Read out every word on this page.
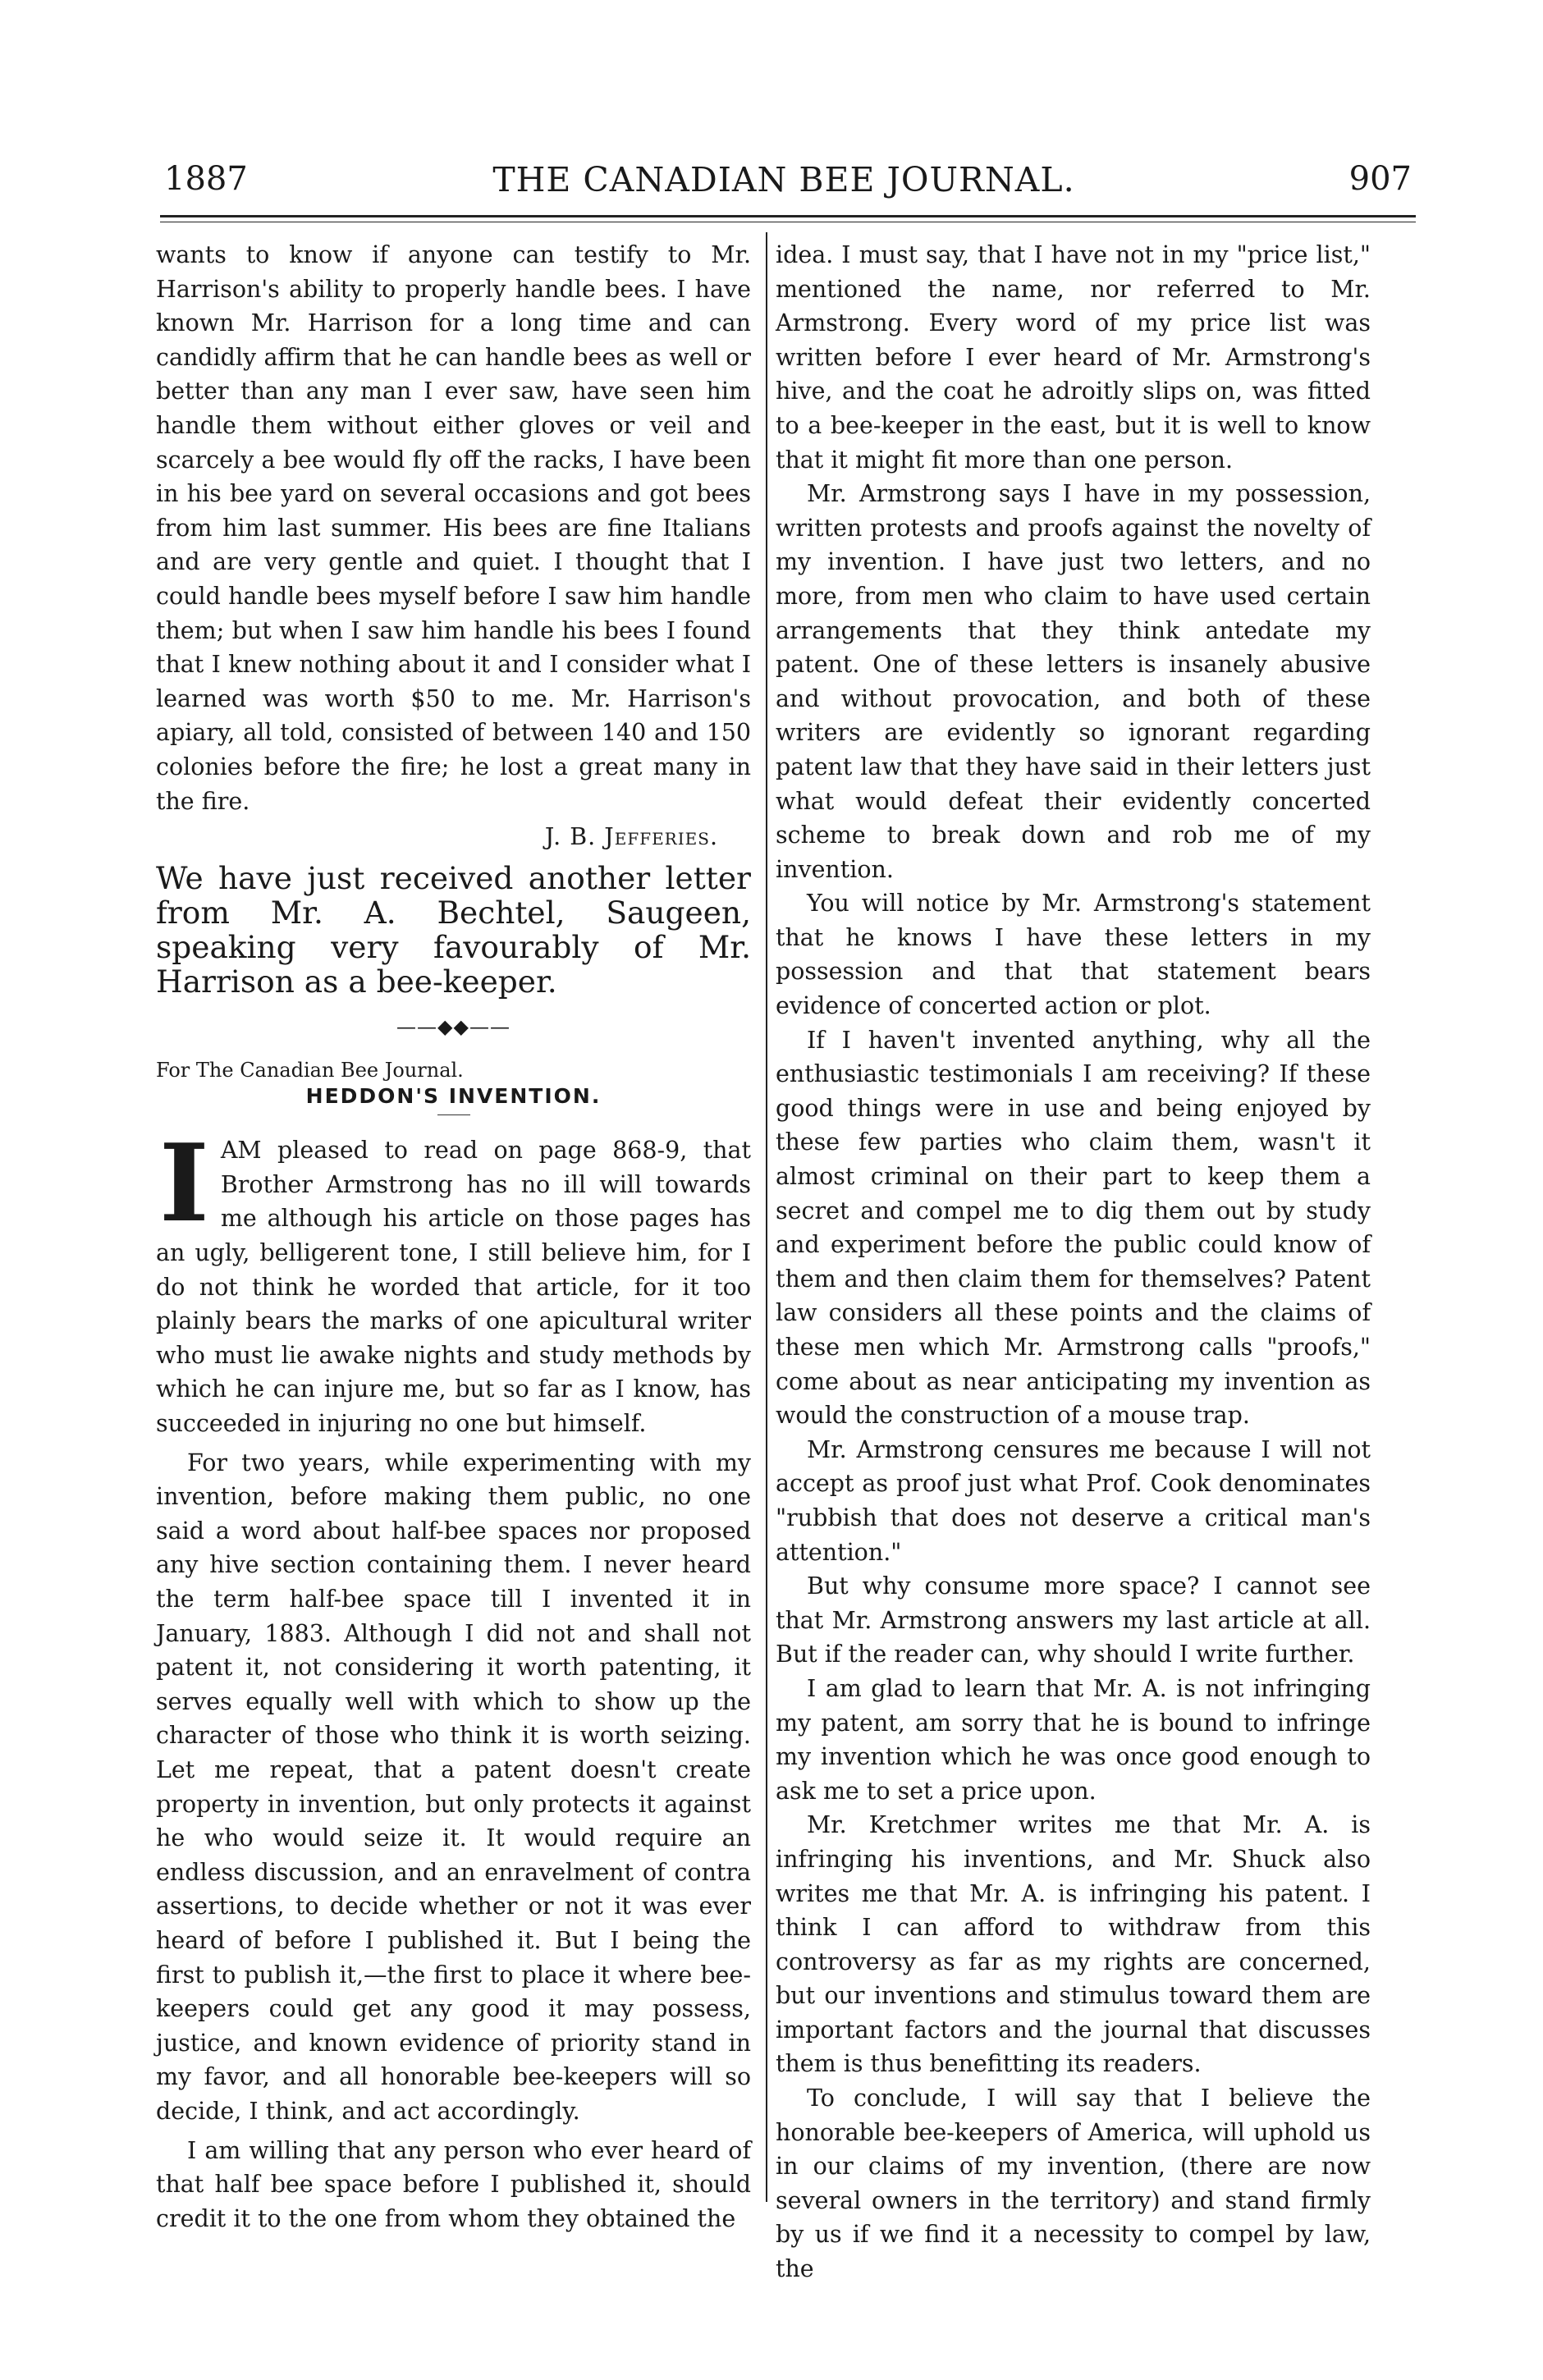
1887	THE CANADIAN BEE JOURNAL.	907

wants to know if anyone can testify to Mr. Harrison's ability to properly handle bees. I have known Mr. Harrison for a long time and can candidly affirm that he can handle bees as well or better than any man I ever saw, have seen him handle them without either gloves or veil and scarcely a bee would fly off the racks, I have been in his bee yard on several occasions and got bees from him last summer. His bees are fine Italians and are very gentle and quiet. I thought that I could handle bees myself before I saw him handle them; but when I saw him handle his bees I found that I knew nothing about it and I consider what I learned was worth $50 to me. Mr. Harrison's apiary, all told, consisted of between 140 and 150 colonies before the fire; he lost a great many in the fire.

J. B. Jefferies.

We have just received another letter from Mr. A. Bechtel, Saugeen, speaking very favourably of Mr. Harrison as a bee-keeper.

——◆◆——

For The Canadian Bee Journal.

HEDDON'S INVENTION.

IAM pleased to read on page 868-9, that Brother Armstrong has no ill will towards me although his article on those pages has an ugly, belligerent tone, I still believe him, for I do not think he worded that article, for it too plainly bears the marks of one apicultural writer who must lie awake nights and study methods by which he can injure me, but so far as I know, has succeeded in injuring no one but himself.

For two years, while experimenting with my invention, before making them public, no one said a word about half-bee spaces nor proposed any hive section containing them. I never heard the term half-bee space till I invented it in January, 1883. Although I did not and shall not patent it, not considering it worth patenting, it serves equally well with which to show up the character of those who think it is worth seizing. Let me repeat, that a patent doesn't create property in invention, but only protects it against he who would seize it. It would require an endless discussion, and an enravelment of contra assertions, to decide whether or not it was ever heard of before I published it. But I being the first to publish it,—the first to place it where bee-keepers could get any good it may possess, justice, and known evidence of priority stand in my favor, and all honorable bee-keepers will so decide, I think, and act accordingly.

I am willing that any person who ever heard of that half bee space before I published it, should credit it to the one from whom they obtained the

idea. I must say, that I have not in my "price list," mentioned the name, nor referred to Mr. Armstrong. Every word of my price list was written before I ever heard of Mr. Armstrong's hive, and the coat he adroitly slips on, was fitted to a bee-keeper in the east, but it is well to know that it might fit more than one person.

Mr. Armstrong says I have in my possession, written protests and proofs against the novelty of my invention. I have just two letters, and no more, from men who claim to have used certain arrangements that they think antedate my patent. One of these letters is insanely abusive and without provocation, and both of these writers are evidently so ignorant regarding patent law that they have said in their letters just what would defeat their evidently concerted scheme to break down and rob me of my invention.

You will notice by Mr. Armstrong's statement that he knows I have these letters in my possession and that that statement bears evidence of concerted action or plot.

If I haven't invented anything, why all the enthusiastic testimonials I am receiving? If these good things were in use and being enjoyed by these few parties who claim them, wasn't it almost criminal on their part to keep them a secret and compel me to dig them out by study and experiment before the public could know of them and then claim them for themselves? Patent law considers all these points and the claims of these men which Mr. Armstrong calls "proofs," come about as near anticipating my invention as would the construction of a mouse trap.

Mr. Armstrong censures me because I will not accept as proof just what Prof. Cook denominates "rubbish that does not deserve a critical man's attention."

But why consume more space? I cannot see that Mr. Armstrong answers my last article at all. But if the reader can, why should I write further.

I am glad to learn that Mr. A. is not infringing my patent, am sorry that he is bound to infringe my invention which he was once good enough to ask me to set a price upon.

Mr. Kretchmer writes me that Mr. A. is infringing his inventions, and Mr. Shuck also writes me that Mr. A. is infringing his patent. I think I can afford to withdraw from this controversy as far as my rights are concerned, but our inventions and stimulus toward them are important factors and the journal that discusses them is thus benefitting its readers.

To conclude, I will say that I believe the honorable bee-keepers of America, will uphold us in our claims of my invention, (there are now several owners in the territory) and stand firmly by us if we find it a necessity to compel by law, the
